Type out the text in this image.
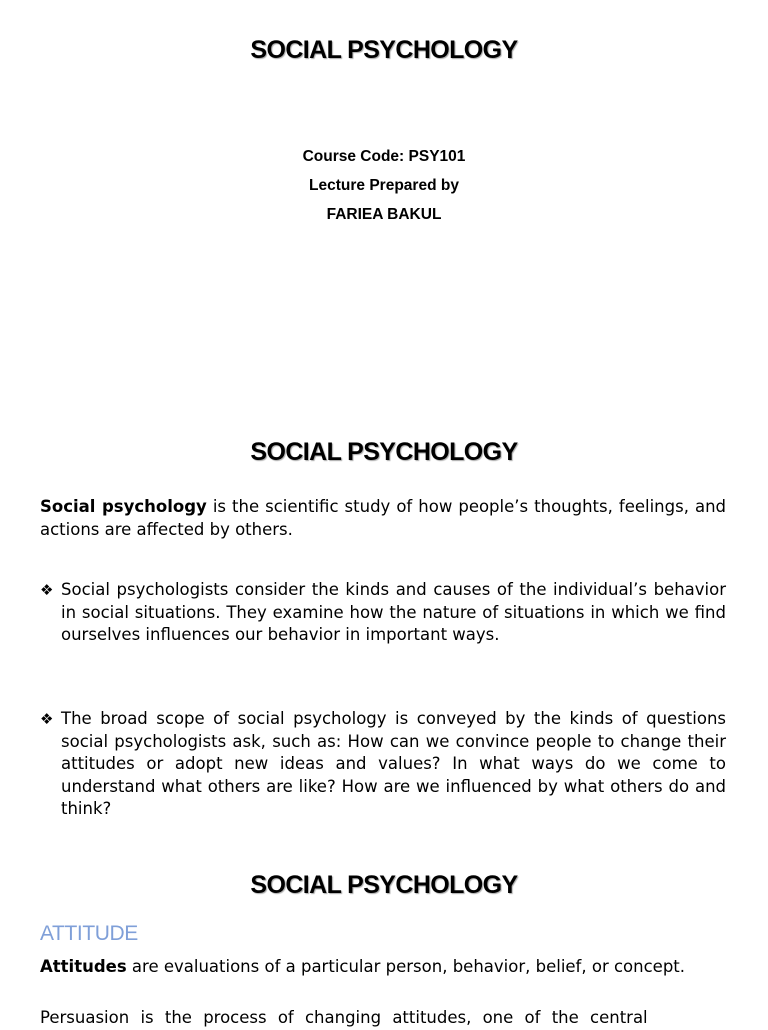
SOCIAL PSYCHOLOGY
Course Code: PSY101
Lecture Prepared by
FARIEA BAKUL
SOCIAL PSYCHOLOGY

Social psychology is the scientific study of how people’s thoughts, feelings, and actions are affected by others.

❖ Social psychologists consider the kinds and causes of the individual’s behavior in social situations. They examine how the nature of situations in which we find ourselves influences our behavior in important ways.
❖ The broad scope of social psychology is conveyed by the kinds of questions social psychologists ask, such as: How can we convince people to change their attitudes or adopt new ideas and values? In what ways do we come to understand what others are like? How are we influenced by what others do and think?
SOCIAL PSYCHOLOGY
ATTITUDE

Attitudes are evaluations of a particular person, behavior, belief, or concept.

Persuasion is the process of changing attitudes, one of the central
